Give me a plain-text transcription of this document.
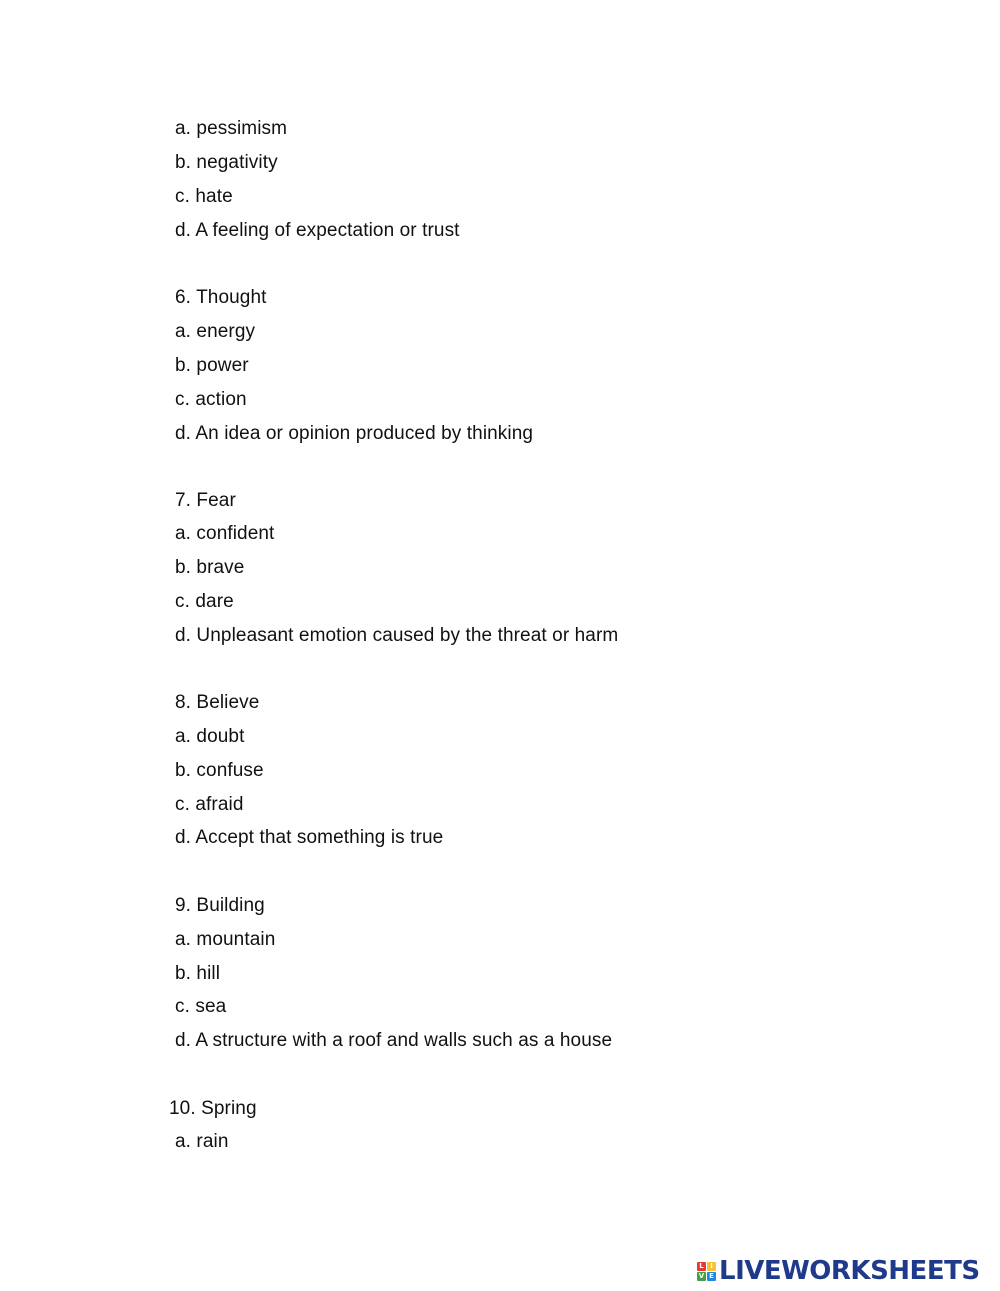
a. pessimism
b. negativity
c. hate
d. A feeling of expectation or trust
6. Thought
a. energy
b. power
c. action
d. An idea or opinion produced by thinking
7. Fear
a. confident
b. brave
c. dare
d. Unpleasant emotion caused by the threat or harm
8. Believe
a. doubt
b. confuse
c. afraid
d. Accept that something is true
9. Building
a. mountain
b. hill
c. sea
d. A structure with a roof and walls such as a house
10. Spring
a. rain
L I
V E LIVEWORKSHEETS
